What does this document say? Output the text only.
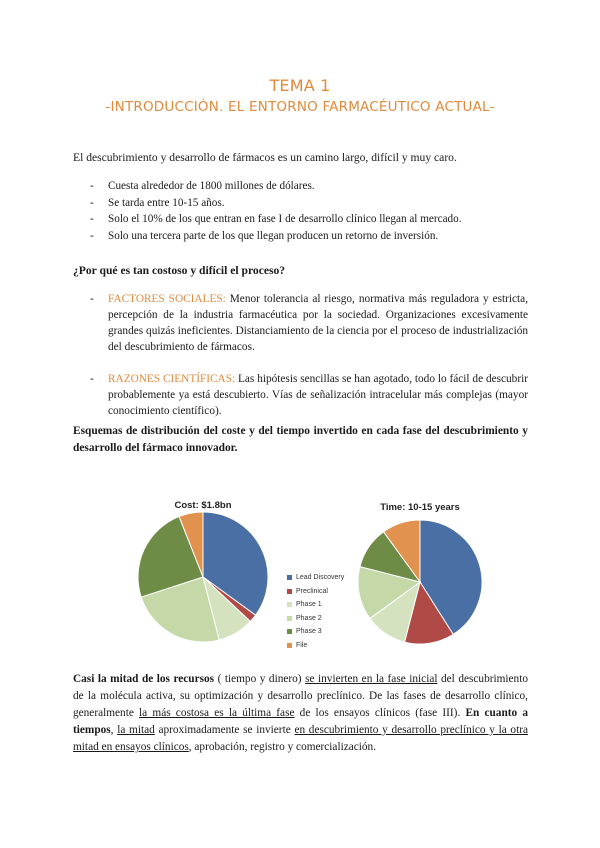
TEMA 1
-INTRODUCCIÓN. EL ENTORNO FARMACÉUTICO ACTUAL-
El descubrimiento y desarrollo de fármacos es un camino largo, difícil y muy caro.
- Cuesta alrededor de 1800 millones de dólares.
- Se tarda entre 10-15 años.
- Solo el 10% de los que entran en fase I de desarrollo clínico llegan al mercado.
- Solo una tercera parte de los que llegan producen un retorno de inversión.
¿Por qué es tan costoso y difícil el proceso?
- FACTORES SOCIALES: Menor tolerancia al riesgo, normativa más reguladora y estricta, percepción de la industria farmacéutica por la sociedad. Organizaciones excesivamente grandes quizás ineficientes. Distanciamiento de la ciencia por el proceso de industrialización del descubrimiento de fármacos.
- RAZONES CIENTÍFICAS: Las hipótesis sencillas se han agotado, todo lo fácil de descubrir probablemente ya está descubierto. Vías de señalización intracelular más complejas (mayor conocimiento científico).
Esquemas de distribución del coste y del tiempo invertido en cada fase del descubrimiento y desarrollo del fármaco innovador.
Cost: $1.8bn	Time: 10-15 years
Lead Discovery
Preclinical
Phase 1
Phase 2
Phase 3
File
Casi la mitad de los recursos ( tiempo y dinero) se invierten en la fase inicial del descubrimiento de la molécula activa, su optimización y desarrollo preclínico. De las fases de desarrollo clínico, generalmente la más costosa es la última fase de los ensayos clínicos (fase III). En cuanto a tiempos, la mitad aproximadamente se invierte en descubrimiento y desarrollo preclínico y la otra mitad en ensayos clínicos, aprobación, registro y comercialización.
